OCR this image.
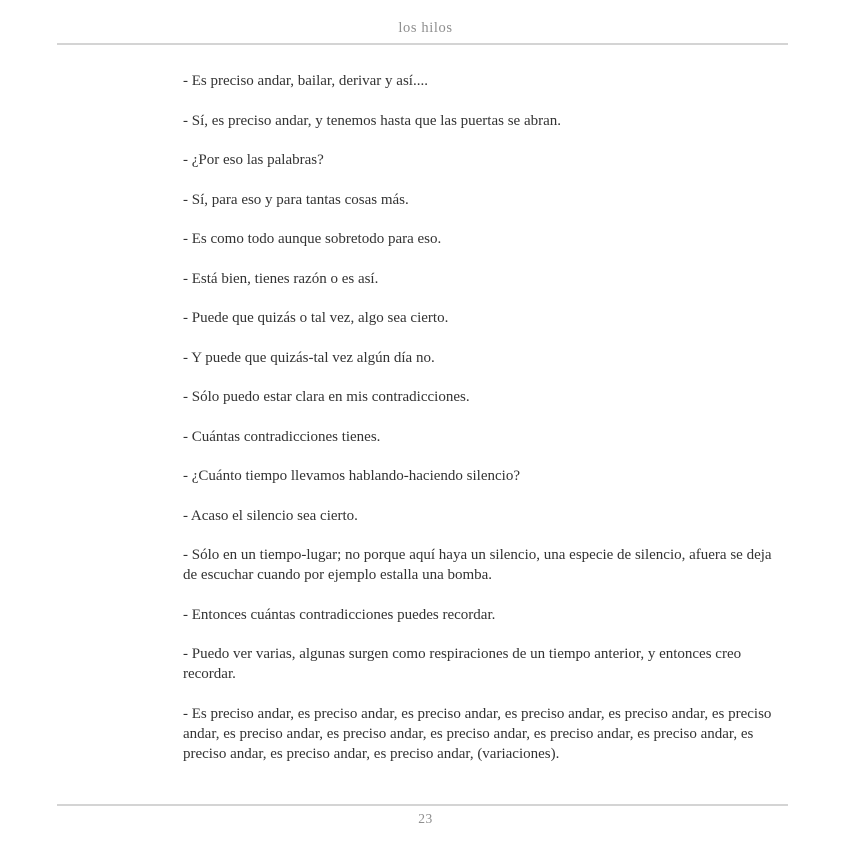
los hilos

- Es preciso andar, bailar, derivar y así....

- Sí, es preciso andar, y tenemos hasta que las puertas se abran.

- ¿Por eso las palabras?

- Sí, para eso y para tantas cosas más.

- Es como todo aunque sobretodo para eso.

- Está bien, tienes razón o es así.

- Puede que quizás o tal vez, algo sea cierto.

- Y puede que quizás-tal vez algún día no.

- Sólo puedo estar clara en mis contradicciones.

- Cuántas contradicciones tienes.

- ¿Cuánto tiempo llevamos hablando-haciendo silencio?

- Acaso el silencio sea cierto.

- Sólo en un tiempo-lugar; no porque aquí haya un silencio, una especie de silencio, afuera se deja de escuchar cuando por ejemplo estalla una bomba.

- Entonces cuántas contradicciones puedes recordar.

- Puedo ver varias, algunas surgen como respiraciones de un tiempo anterior, y entonces creo recordar.

- Es preciso andar, es preciso andar, es preciso andar, es preciso andar, es preciso andar, es preciso andar, es preciso andar, es preciso andar, es preciso andar, es preciso andar, es preciso andar, es preciso andar, es preciso andar, es preciso andar, (variaciones).

23
